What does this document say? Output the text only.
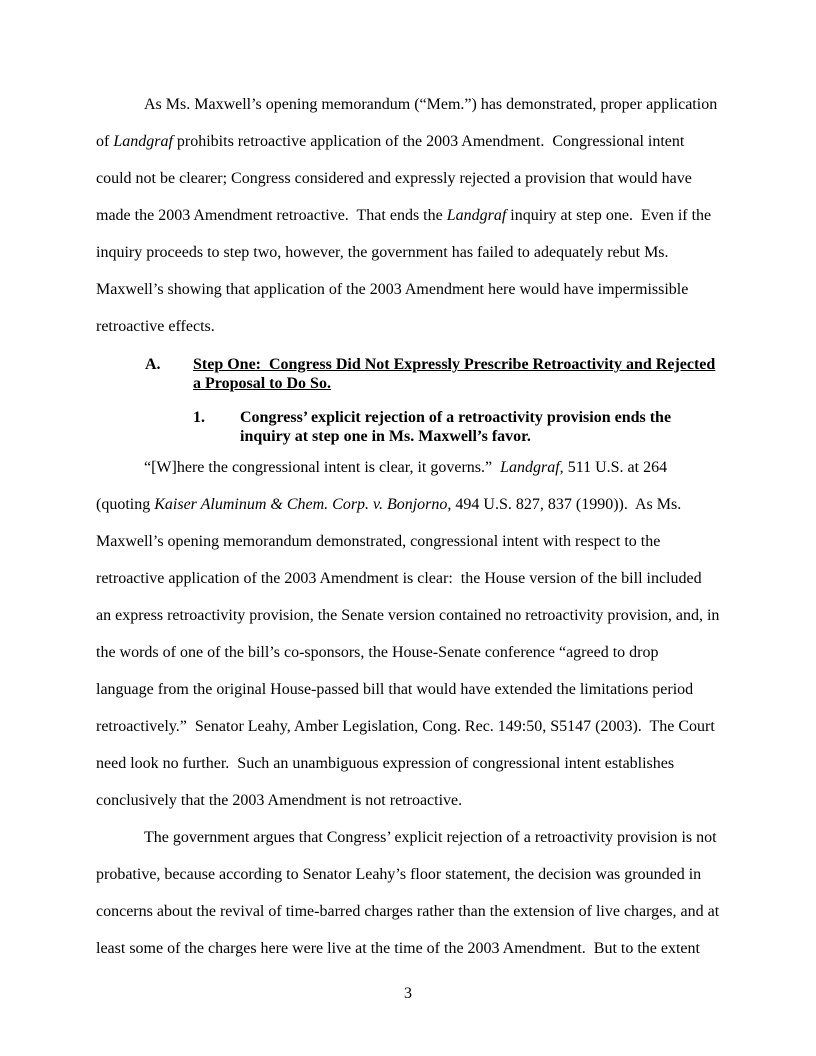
As Ms. Maxwell’s opening memorandum (“Mem.”) has demonstrated, proper application
of Landgraf prohibits retroactive application of the 2003 Amendment.  Congressional intent
could not be clearer; Congress considered and expressly rejected a provision that would have
made the 2003 Amendment retroactive.  That ends the Landgraf inquiry at step one.  Even if the
inquiry proceeds to step two, however, the government has failed to adequately rebut Ms.
Maxwell’s showing that application of the 2003 Amendment here would have impermissible
retroactive effects.
A.	Step One:  Congress Did Not Expressly Prescribe Retroactivity and Rejected
a Proposal to Do So.
1.	Congress’ explicit rejection of a retroactivity provision ends the
inquiry at step one in Ms. Maxwell’s favor.
“[W]here the congressional intent is clear, it governs.”  Landgraf, 511 U.S. at 264
(quoting Kaiser Aluminum & Chem. Corp. v. Bonjorno, 494 U.S. 827, 837 (1990)).  As Ms.
Maxwell’s opening memorandum demonstrated, congressional intent with respect to the
retroactive application of the 2003 Amendment is clear:  the House version of the bill included
an express retroactivity provision, the Senate version contained no retroactivity provision, and, in
the words of one of the bill’s co-sponsors, the House-Senate conference “agreed to drop
language from the original House-passed bill that would have extended the limitations period
retroactively.”  Senator Leahy, Amber Legislation, Cong. Rec. 149:50, S5147 (2003).  The Court
need look no further.  Such an unambiguous expression of congressional intent establishes
conclusively that the 2003 Amendment is not retroactive.
The government argues that Congress’ explicit rejection of a retroactivity provision is not
probative, because according to Senator Leahy’s floor statement, the decision was grounded in
concerns about the revival of time-barred charges rather than the extension of live charges, and at
least some of the charges here were live at the time of the 2003 Amendment.  But to the extent
3
